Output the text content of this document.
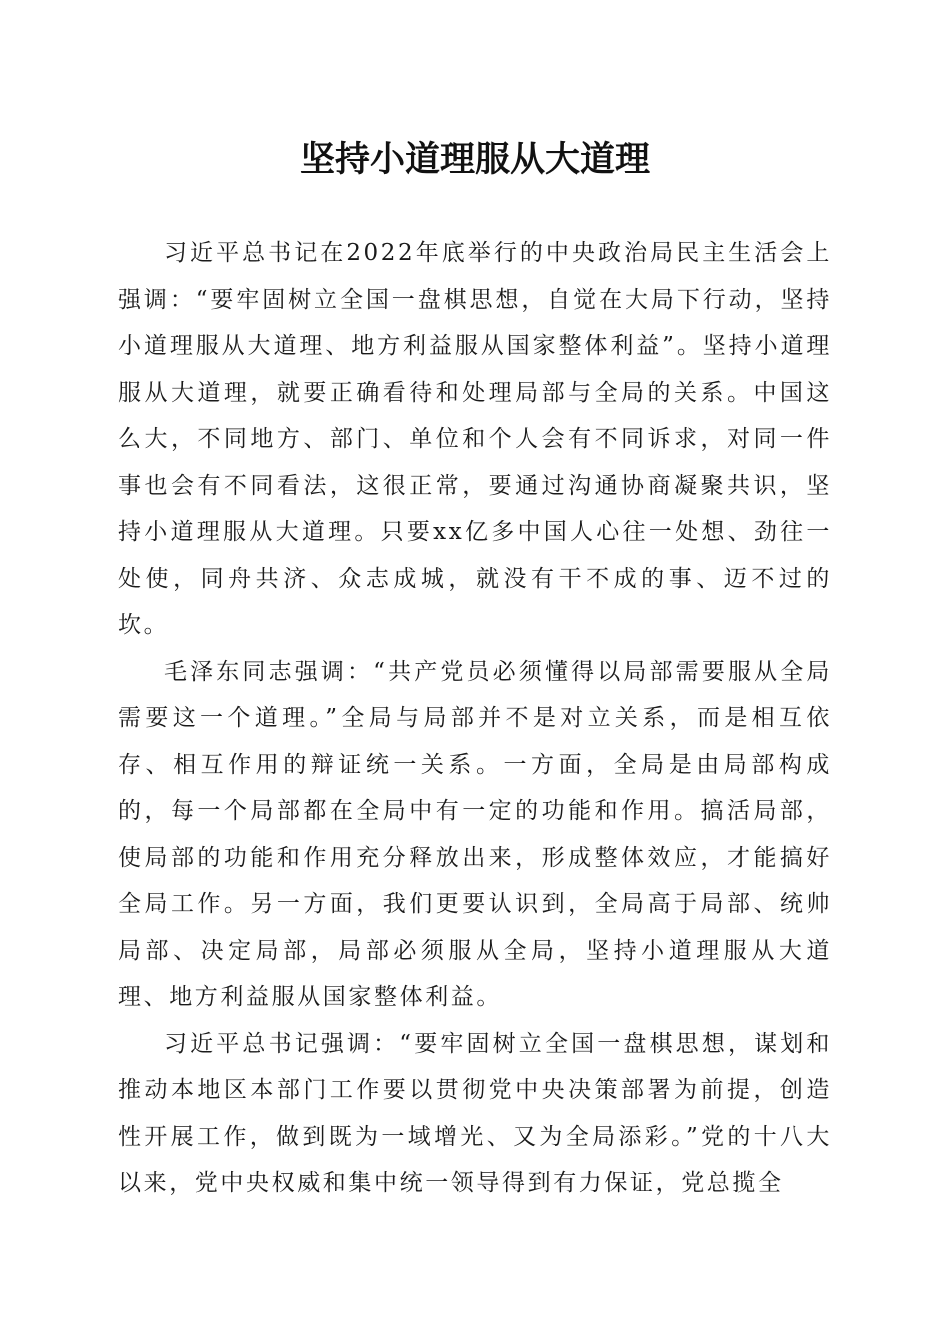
坚持小道理服从大道理

习近平总书记在2022年底举行的中央政治局民主生活会上强调：“要牢固树立全国一盘棋思想，自觉在大局下行动，坚持小道理服从大道理、地方利益服从国家整体利益”。坚持小道理服从大道理，就要正确看待和处理局部与全局的关系。中国这么大，不同地方、部门、单位和个人会有不同诉求，对同一件事也会有不同看法，这很正常，要通过沟通协商凝聚共识，坚持小道理服从大道理。只要xx亿多中国人心往一处想、劲往一处使，同舟共济、众志成城，就没有干不成的事、迈不过的坎。

毛泽东同志强调：“共产党员必须懂得以局部需要服从全局需要这一个道理。”全局与局部并不是对立关系，而是相互依存、相互作用的辩证统一关系。一方面，全局是由局部构成的，每一个局部都在全局中有一定的功能和作用。搞活局部，使局部的功能和作用充分释放出来，形成整体效应，才能搞好全局工作。另一方面，我们更要认识到，全局高于局部、统帅局部、决定局部，局部必须服从全局，坚持小道理服从大道理、地方利益服从国家整体利益。

习近平总书记强调：“要牢固树立全国一盘棋思想，谋划和推动本地区本部门工作要以贯彻党中央决策部署为前提，创造性开展工作，做到既为一域增光、又为全局添彩。”党的十八大以来，党中央权威和集中统一领导得到有力保证，党总揽全
